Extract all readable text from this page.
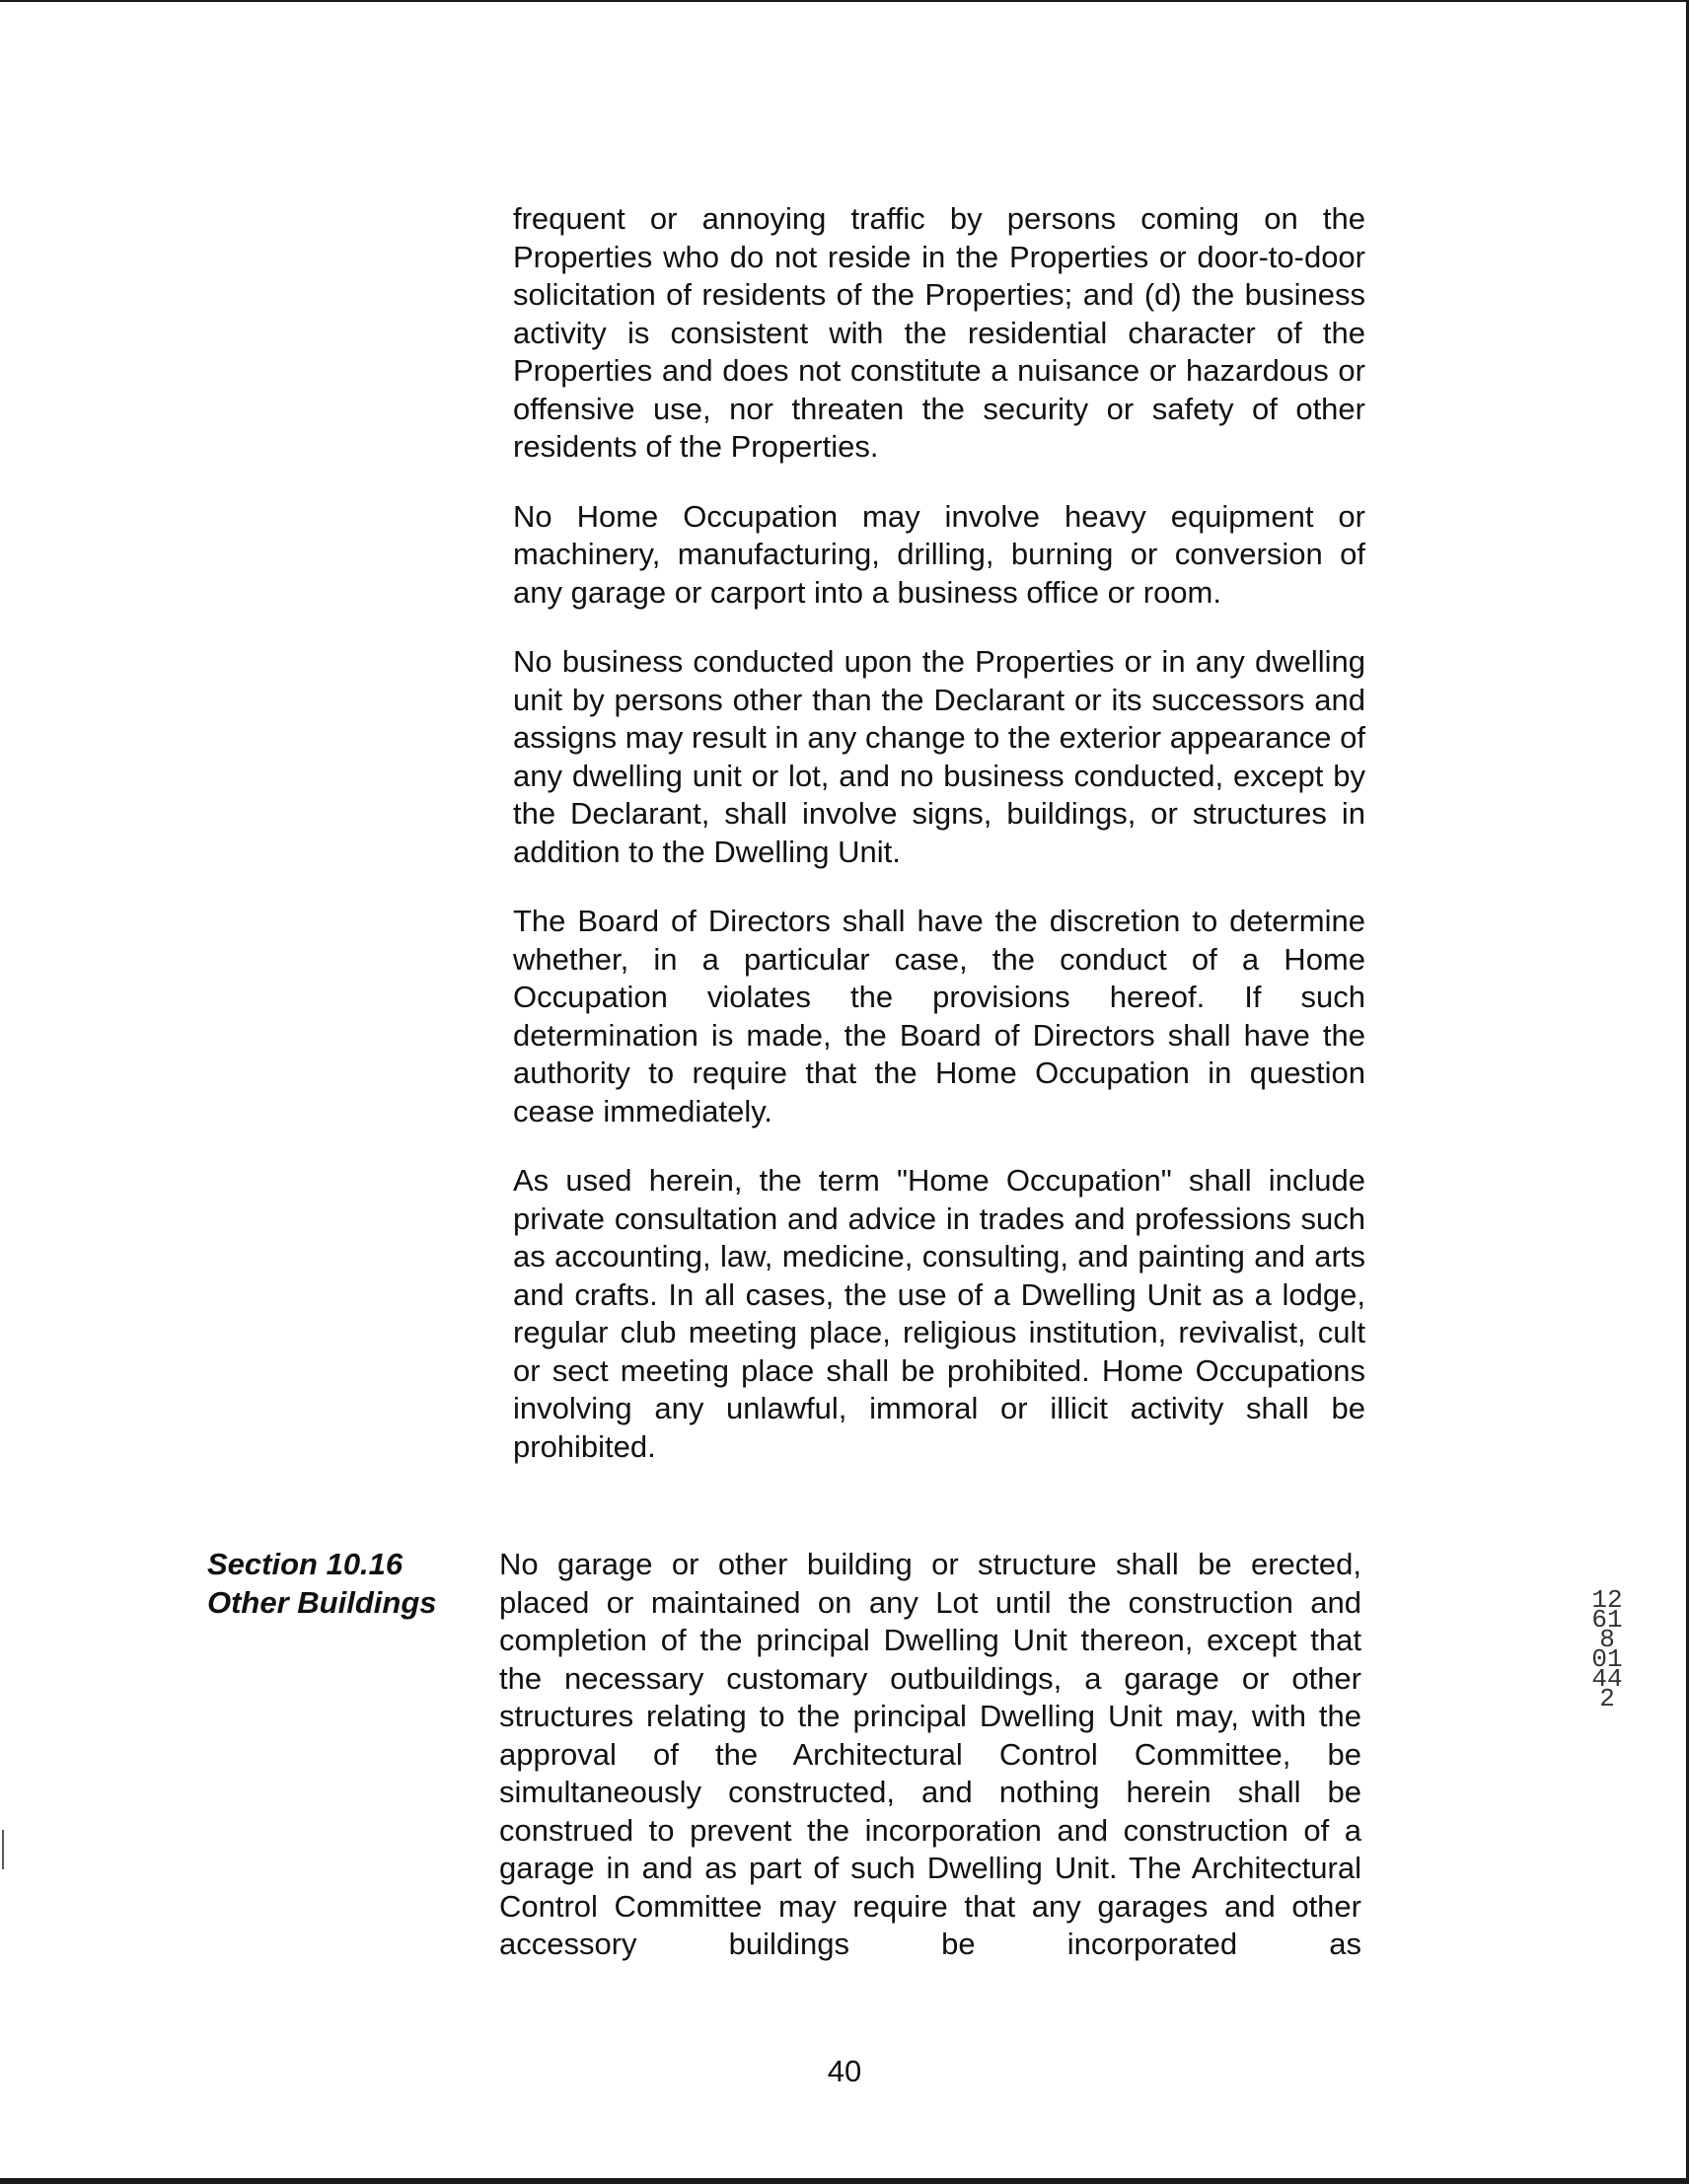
frequent or annoying traffic by persons coming on the Properties who do not reside in the Properties or door-to-door solicitation of residents of the Properties; and (d) the business activity is consistent with the residential character of the Properties and does not constitute a nuisance or hazardous or offensive use, nor threaten the security or safety of other residents of the Properties.

No Home Occupation may involve heavy equipment or machinery, manufacturing, drilling, burning or conversion of any garage or carport into a business office or room.

No business conducted upon the Properties or in any dwelling unit by persons other than the Declarant or its successors and assigns may result in any change to the exterior appearance of any dwelling unit or lot, and no business conducted, except by the Declarant, shall involve signs, buildings, or structures in addition to the Dwelling Unit.

The Board of Directors shall have the discretion to determine whether, in a particular case, the conduct of a Home Occupation violates the provisions hereof. If such determination is made, the Board of Directors shall have the authority to require that the Home Occupation in question cease immediately.

As used herein, the term "Home Occupation" shall include private consultation and advice in trades and professions such as accounting, law, medicine, consulting, and painting and arts and crafts. In all cases, the use of a Dwelling Unit as a lodge, regular club meeting place, religious institution, revivalist, cult or sect meeting place shall be prohibited. Home Occupations involving any unlawful, immoral or illicit activity shall be prohibited.

Section 10.16
Other Buildings

No garage or other building or structure shall be erected, placed or maintained on any Lot until the construction and completion of the principal Dwelling Unit thereon, except that the necessary customary outbuildings, a garage or other structures relating to the principal Dwelling Unit may, with the approval of the Architectural Control Committee, be simultaneously constructed, and nothing herein shall be construed to prevent the incorporation and construction of a garage in and as part of such Dwelling Unit. The Architectural Control Committee may require that any garages and other accessory buildings be incorporated as

40
12618 01442
